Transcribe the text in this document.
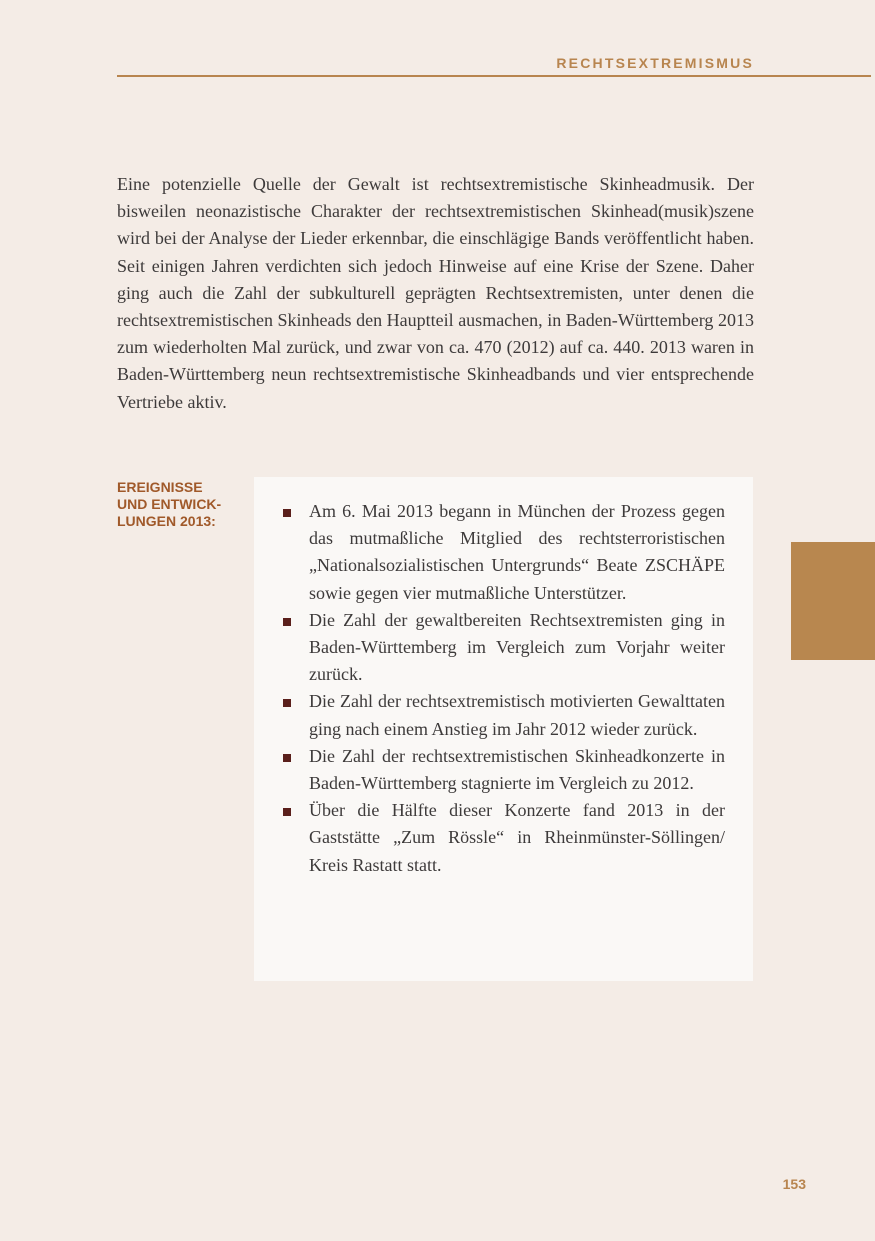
RECHTSEXTREMISMUS

Eine potenzielle Quelle der Gewalt ist rechtsextremistische Skinheadmusik. Der bisweilen neonazistische Charakter der rechtsextremistischen Skinhead(musik)szene wird bei der Analyse der Lieder erkennbar, die einschlägige Bands veröffentlicht haben. Seit einigen Jahren verdichten sich jedoch Hinweise auf eine Krise der Szene. Daher ging auch die Zahl der subkulturell geprägten Rechtsextremisten, unter denen die rechtsextremistischen Skinheads den Hauptteil ausmachen, in Baden-Württemberg 2013 zum wiederholten Mal zurück, und zwar von ca. 470 (2012) auf ca. 440. 2013 waren in Baden-Württemberg neun rechtsextremistische Skinheadbands und vier entsprechende Vertriebe aktiv.

EREIGNISSE
UND ENTWICK-
LUNGEN 2013:	Am 6. Mai 2013 begann in München der Prozess gegen das mutmaßliche Mitglied des rechtsterroristischen „Nationalsozialistischen Untergrunds“ Beate ZSCHÄPE sowie gegen vier mutmaßliche Unterstützer.
Die Zahl der gewaltbereiten Rechtsextremisten ging in Baden-Württemberg im Vergleich zum Vorjahr weiter zurück.
Die Zahl der rechtsextremistisch motivierten Gewalttaten ging nach einem Anstieg im Jahr 2012 wieder zurück.
Die Zahl der rechtsextremistischen Skinheadkonzerte in Baden-Württemberg stagnierte im Vergleich zu 2012.
Über die Hälfte dieser Konzerte fand 2013 in der Gaststätte „Zum Rössle“ in Rheinmünster-Söllingen/ Kreis Rastatt statt.
153
